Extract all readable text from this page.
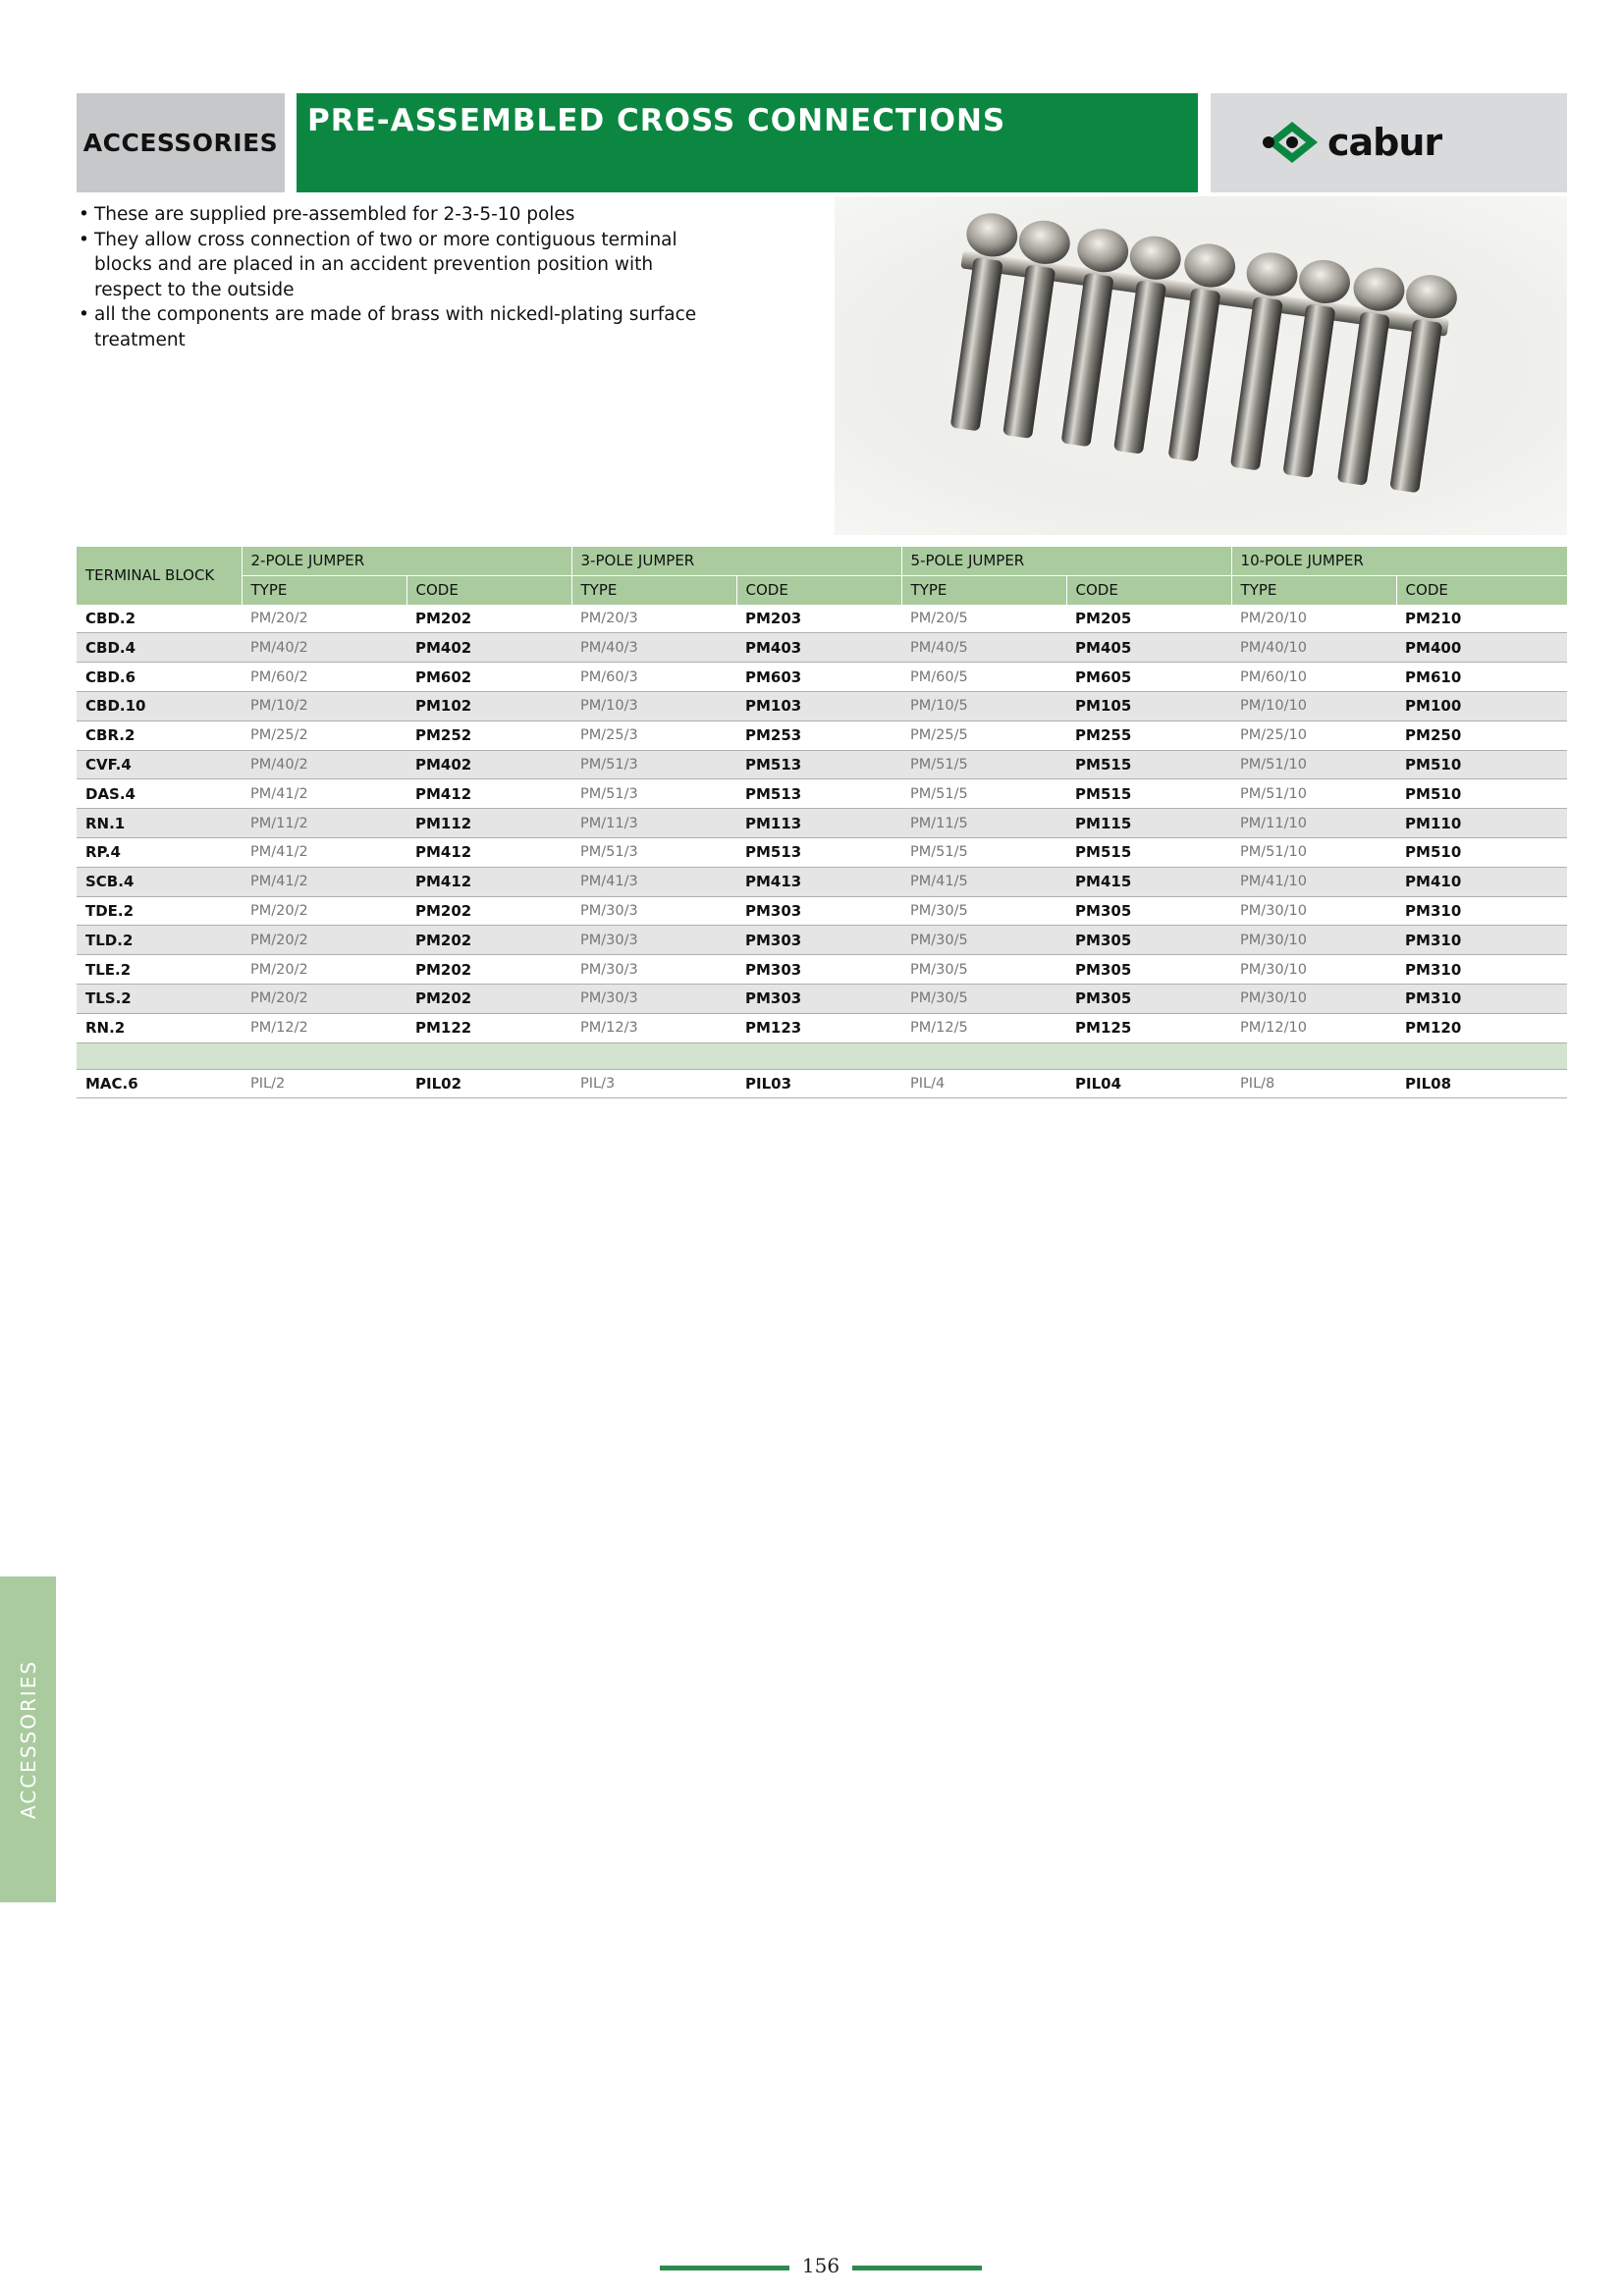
ACCESSORIES
PRE-ASSEMBLED CROSS CONNECTIONS	cabur
• These are supplied pre-assembled for 2-3-5-10 poles
• They allow cross connection of two or more contiguous terminal blocks and are placed in an accident prevention position with respect to the outside
• all the components are made of brass with nickedl-plating surface treatment
TERMINAL BLOCK	2-POLE JUMPER		3-POLE JUMPER		5-POLE JUMPER		10-POLE JUMPER	
	TYPE	CODE	TYPE	CODE	TYPE	CODE	TYPE	CODE
CBD.2	PM/20/2	PM202	PM/20/3	PM203	PM/20/5	PM205	PM/20/10	PM210
CBD.4	PM/40/2	PM402	PM/40/3	PM403	PM/40/5	PM405	PM/40/10	PM400
CBD.6	PM/60/2	PM602	PM/60/3	PM603	PM/60/5	PM605	PM/60/10	PM610
CBD.10	PM/10/2	PM102	PM/10/3	PM103	PM/10/5	PM105	PM/10/10	PM100
CBR.2	PM/25/2	PM252	PM/25/3	PM253	PM/25/5	PM255	PM/25/10	PM250
CVF.4	PM/40/2	PM402	PM/51/3	PM513	PM/51/5	PM515	PM/51/10	PM510
DAS.4	PM/41/2	PM412	PM/51/3	PM513	PM/51/5	PM515	PM/51/10	PM510
RN.1	PM/11/2	PM112	PM/11/3	PM113	PM/11/5	PM115	PM/11/10	PM110
RP.4	PM/41/2	PM412	PM/51/3	PM513	PM/51/5	PM515	PM/51/10	PM510
SCB.4	PM/41/2	PM412	PM/41/3	PM413	PM/41/5	PM415	PM/41/10	PM410
TDE.2	PM/20/2	PM202	PM/30/3	PM303	PM/30/5	PM305	PM/30/10	PM310
TLD.2	PM/20/2	PM202	PM/30/3	PM303	PM/30/5	PM305	PM/30/10	PM310
TLE.2	PM/20/2	PM202	PM/30/3	PM303	PM/30/5	PM305	PM/30/10	PM310
TLS.2	PM/20/2	PM202	PM/30/3	PM303	PM/30/5	PM305	PM/30/10	PM310
RN.2	PM/12/2	PM122	PM/12/3	PM123	PM/12/5	PM125	PM/12/10	PM120

MAC.6	PIL/2	PIL02	PIL/3	PIL03	PIL/4	PIL04	PIL/8	PIL08
ACCESSORIES
156
